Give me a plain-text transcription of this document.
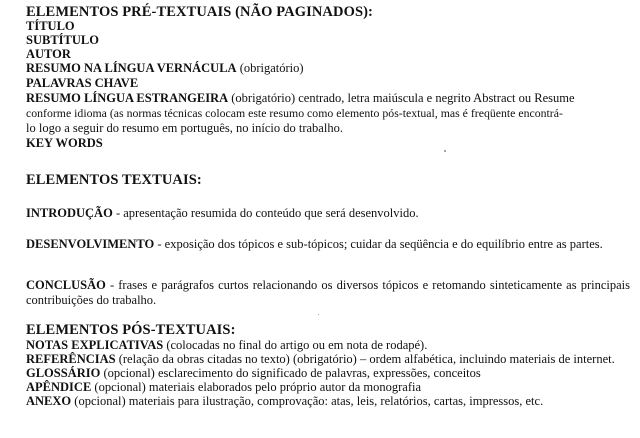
ELEMENTOS PRÉ-TEXTUAIS (NÃO PAGINADOS):
TÍTULO
SUBTÍTULO
AUTOR
RESUMO NA LÍNGUA VERNÁCULA (obrigatório)
PALAVRAS CHAVE
RESUMO LÍNGUA ESTRANGEIRA (obrigatório) centrado, letra maiúscula e negrito Abstract ou Resume
conforme idioma (as normas técnicas colocam este resumo como elemento pós-textual, mas é freqüente encontrá-
lo logo a seguir do resumo em português, no início do trabalho.
KEY WORDS
ELEMENTOS TEXTUAIS:
INTRODUÇÃO - apresentação resumida do conteúdo que será desenvolvido.
DESENVOLVIMENTO - exposição dos tópicos e sub-tópicos; cuidar da seqüência e do equilíbrio entre as partes.
CONCLUSÃO - frases e parágrafos curtos relacionando os diversos tópicos e retomando sinteticamente as principais contribuições do trabalho.
ELEMENTOS PÓS-TEXTUAIS:
NOTAS EXPLICATIVAS (colocadas no final do artigo ou em nota de rodapé).
REFERÊNCIAS (relação da obras citadas no texto) (obrigatório) – ordem alfabética, incluindo materiais de internet.
GLOSSÁRIO (opcional) esclarecimento do significado de palavras, expressões, conceitos
APÊNDICE (opcional) materiais elaborados pelo próprio autor da monografia
ANEXO (opcional) materiais para ilustração, comprovação: atas, leis, relatórios, cartas, impressos, etc.
